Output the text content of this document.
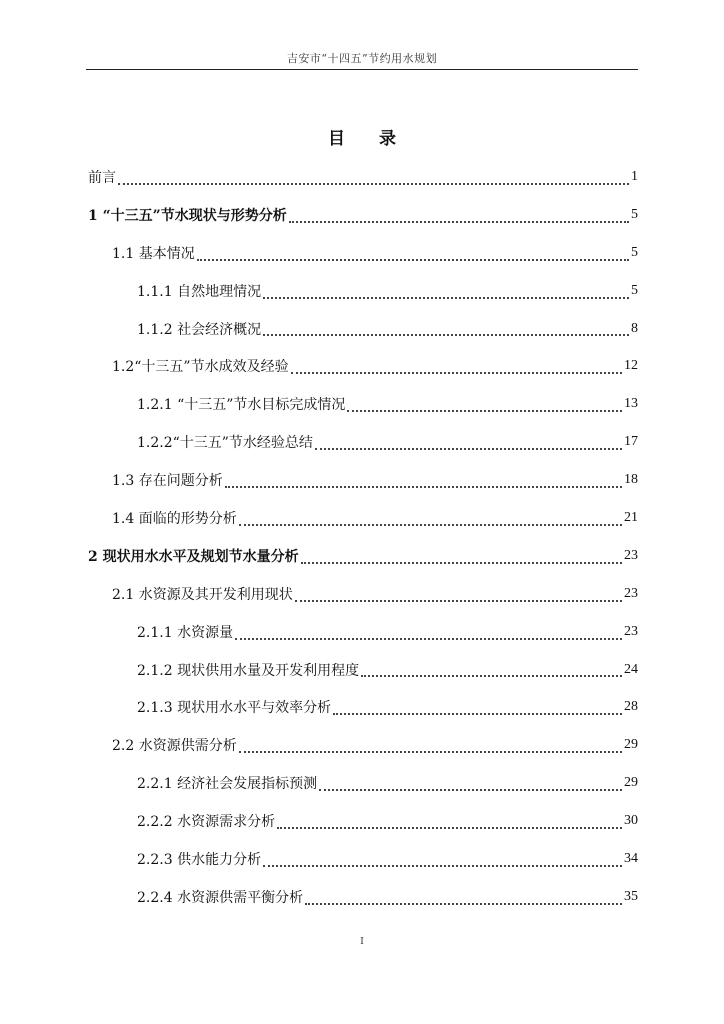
吉安市“十四五”节约用水规划
目 录
前言	1
1 “十三五”节水现状与形势分析	5
1.1 基本情况	5
1.1.1 自然地理情况	5
1.1.2 社会经济概况	8
1.2“十三五”节水成效及经验	12
1.2.1 “十三五”节水目标完成情况	13
1.2.2“十三五”节水经验总结	17
1.3 存在问题分析	18
1.4 面临的形势分析	21
2 现状用水水平及规划节水量分析	23
2.1 水资源及其开发利用现状	23
2.1.1 水资源量	23
2.1.2 现状供用水量及开发利用程度	24
2.1.3 现状用水水平与效率分析	28
2.2 水资源供需分析	29
2.2.1 经济社会发展指标预测	29
2.2.2 水资源需求分析	30
2.2.3 供水能力分析	34
2.2.4 水资源供需平衡分析	35
I
